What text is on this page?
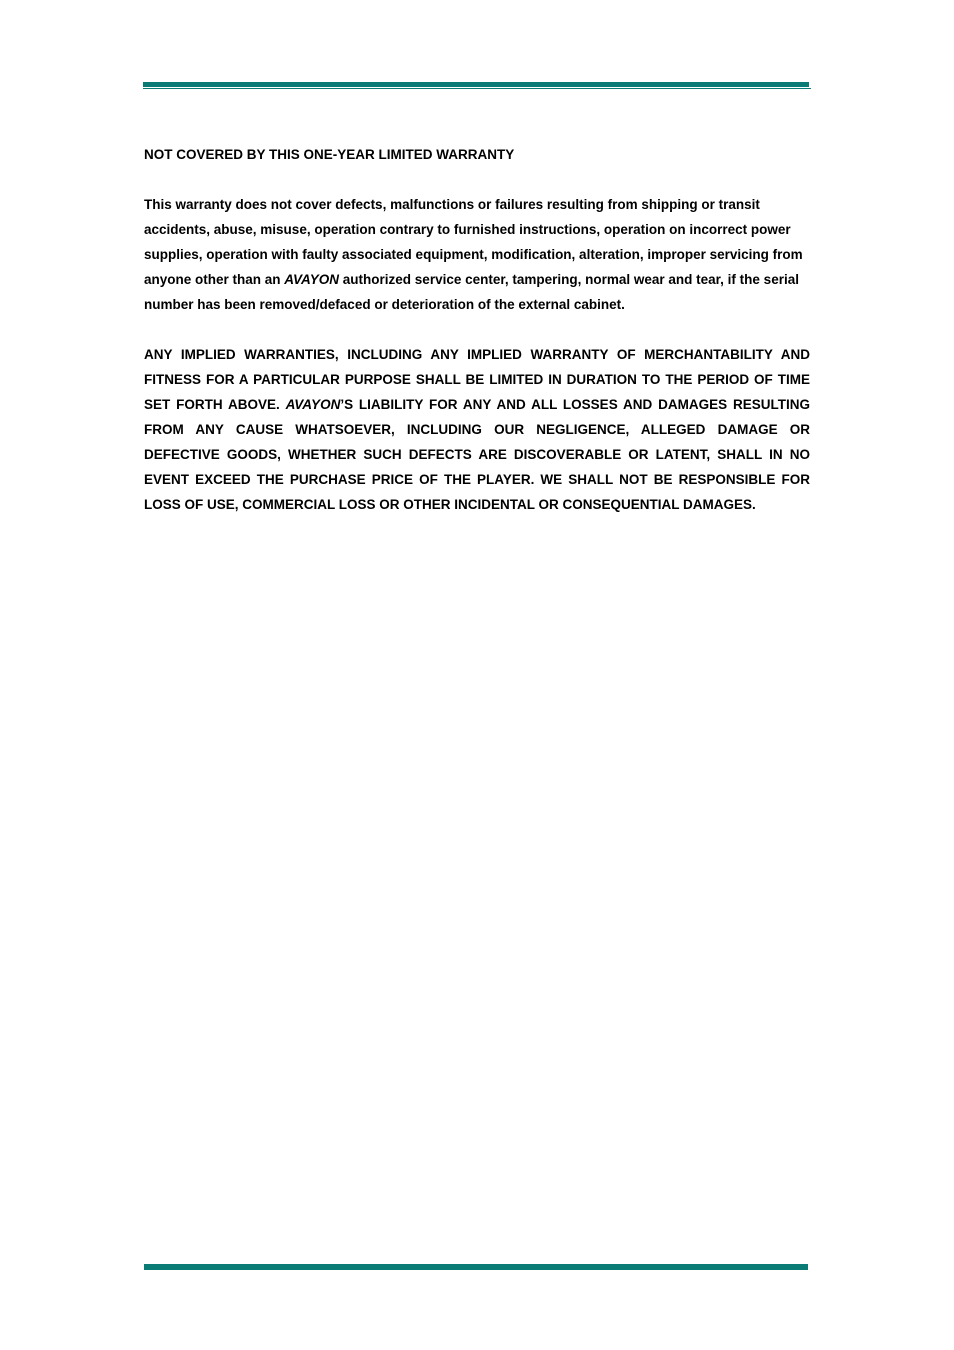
NOT COVERED BY THIS ONE-YEAR LIMITED WARRANTY

This warranty does not cover defects, malfunctions or failures resulting from shipping or transit accidents, abuse, misuse, operation contrary to furnished instructions, operation on incorrect power supplies, operation with faulty associated equipment, modification, alteration, improper servicing from anyone other than an AVAYON authorized service center, tampering, normal wear and tear, if the serial number has been removed/defaced or deterioration of the external cabinet.

ANY IMPLIED WARRANTIES, INCLUDING ANY IMPLIED WARRANTY OF MERCHANTABILITY AND FITNESS FOR A PARTICULAR PURPOSE SHALL BE LIMITED IN DURATION TO THE PERIOD OF TIME SET FORTH ABOVE. AVAYON’S LIABILITY FOR ANY AND ALL LOSSES AND DAMAGES RESULTING FROM ANY CAUSE WHATSOEVER, INCLUDING OUR NEGLIGENCE, ALLEGED DAMAGE OR DEFECTIVE GOODS, WHETHER SUCH DEFECTS ARE DISCOVERABLE OR LATENT, SHALL IN NO EVENT EXCEED THE PURCHASE PRICE OF THE PLAYER. WE SHALL NOT BE RESPONSIBLE FOR LOSS OF USE, COMMERCIAL LOSS OR OTHER INCIDENTAL OR CONSEQUENTIAL DAMAGES.
